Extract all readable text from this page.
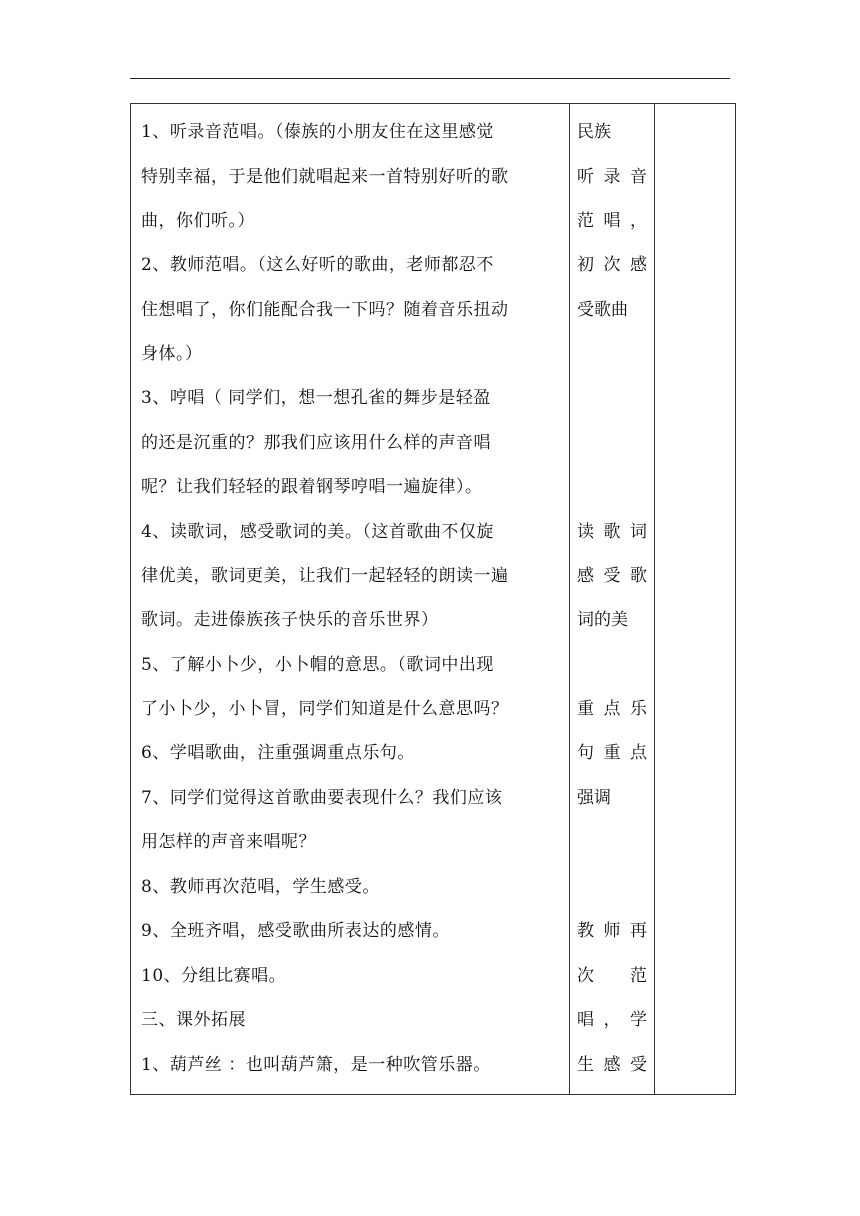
1、听录音范唱。（傣族的小朋友住在这里感觉
特别幸福，于是他们就唱起来一首特别好听的歌
曲，你们听。）
2、教师范唱。（这么好听的歌曲，老师都忍不
住想唱了，你们能配合我一下吗？随着音乐扭动
身体。）
3、哼唱（ 同学们，想一想孔雀的舞步是轻盈
的还是沉重的？那我们应该用什么样的声音唱
呢？让我们轻轻的跟着钢琴哼唱一遍旋律）。
4、读歌词，感受歌词的美。（这首歌曲不仅旋
律优美，歌词更美，让我们一起轻轻的朗读一遍
歌词。走进傣族孩子快乐的音乐世界）
5、了解小卜少，小卜帽的意思。（歌词中出现
了小卜少，小卜冒，同学们知道是什么意思吗？
6、学唱歌曲，注重强调重点乐句。
7、同学们觉得这首歌曲要表现什么？我们应该
用怎样的声音来唱呢？
8、教师再次范唱，学生感受。
9、全班齐唱，感受歌曲所表达的感情。
10、分组比赛唱。
三、课外拓展
1、葫芦丝 ：也叫葫芦箫，是一种吹管乐器。
民族
听录音
范唱，
初次感
受歌曲
读歌词
感受歌
词的美
重点乐
句重点
强调
教师再
次 范
唱，学
生感受
